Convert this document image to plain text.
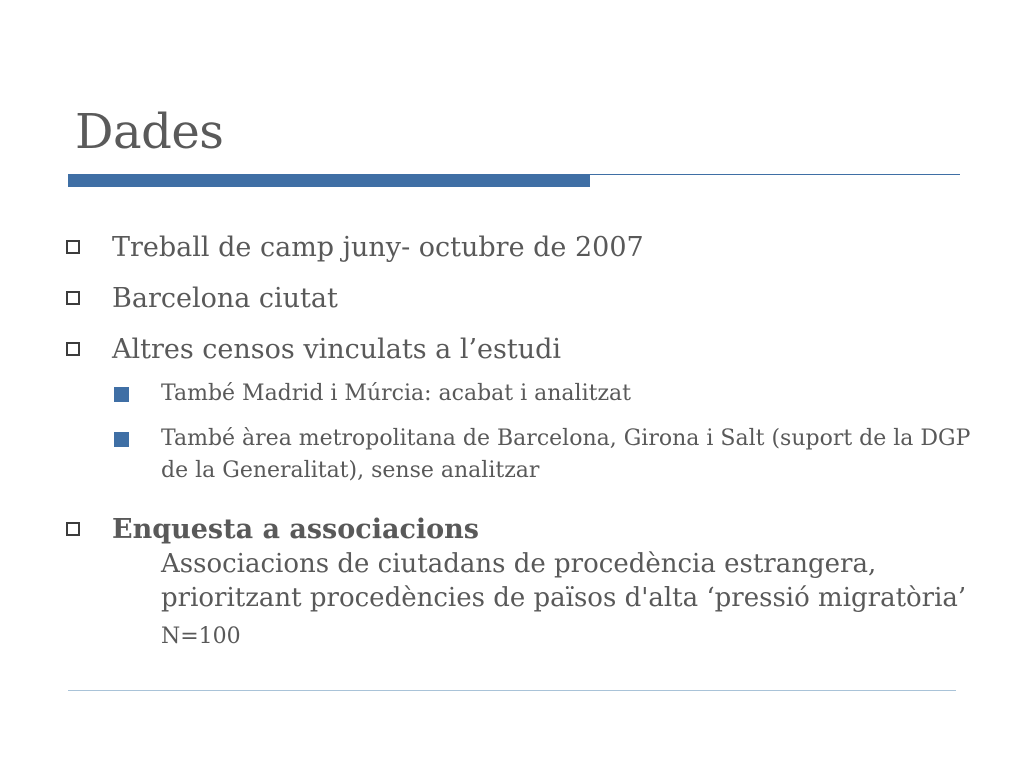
Dades
Treball de camp juny- octubre de 2007
Barcelona ciutat
Altres censos vinculats a l’estudi
També Madrid i Múrcia: acabat i analitzat
També àrea metropolitana de Barcelona, Girona i Salt (suport de la DGP de la Generalitat), sense analitzar
Enquesta a associacions
Associacions de ciutadans de procedència estrangera,
prioritzant procedències de països d'alta ‘pressió migratòria’
N=100
